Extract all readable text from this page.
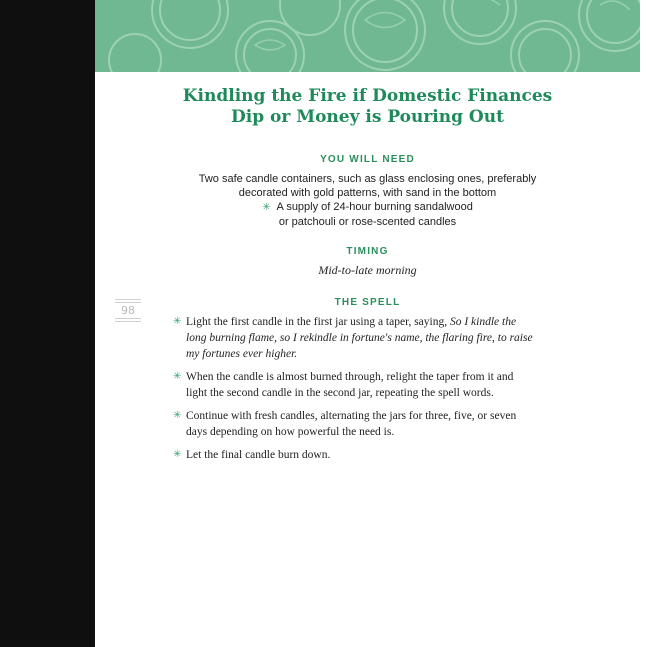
Kindling the Fire if Domestic Finances
Dip or Money is Pouring Out
YOU WILL NEED
Two safe candle containers, such as glass enclosing ones, preferably
decorated with gold patterns, with sand in the bottom
✳ A supply of 24-hour burning sandalwood
or patchouli or rose-scented candles
TIMING
Mid-to-late morning
98
THE SPELL
✳ Light the first candle in the first jar using a taper, saying, So I kindle the long burning flame, so I rekindle in fortune's name, the flaring fire, to raise my fortunes ever higher.
✳ When the candle is almost burned through, relight the taper from it and light the second candle in the second jar, repeating the spell words.
✳ Continue with fresh candles, alternating the jars for three, five, or seven days depending on how powerful the need is.
✳ Let the final candle burn down.
